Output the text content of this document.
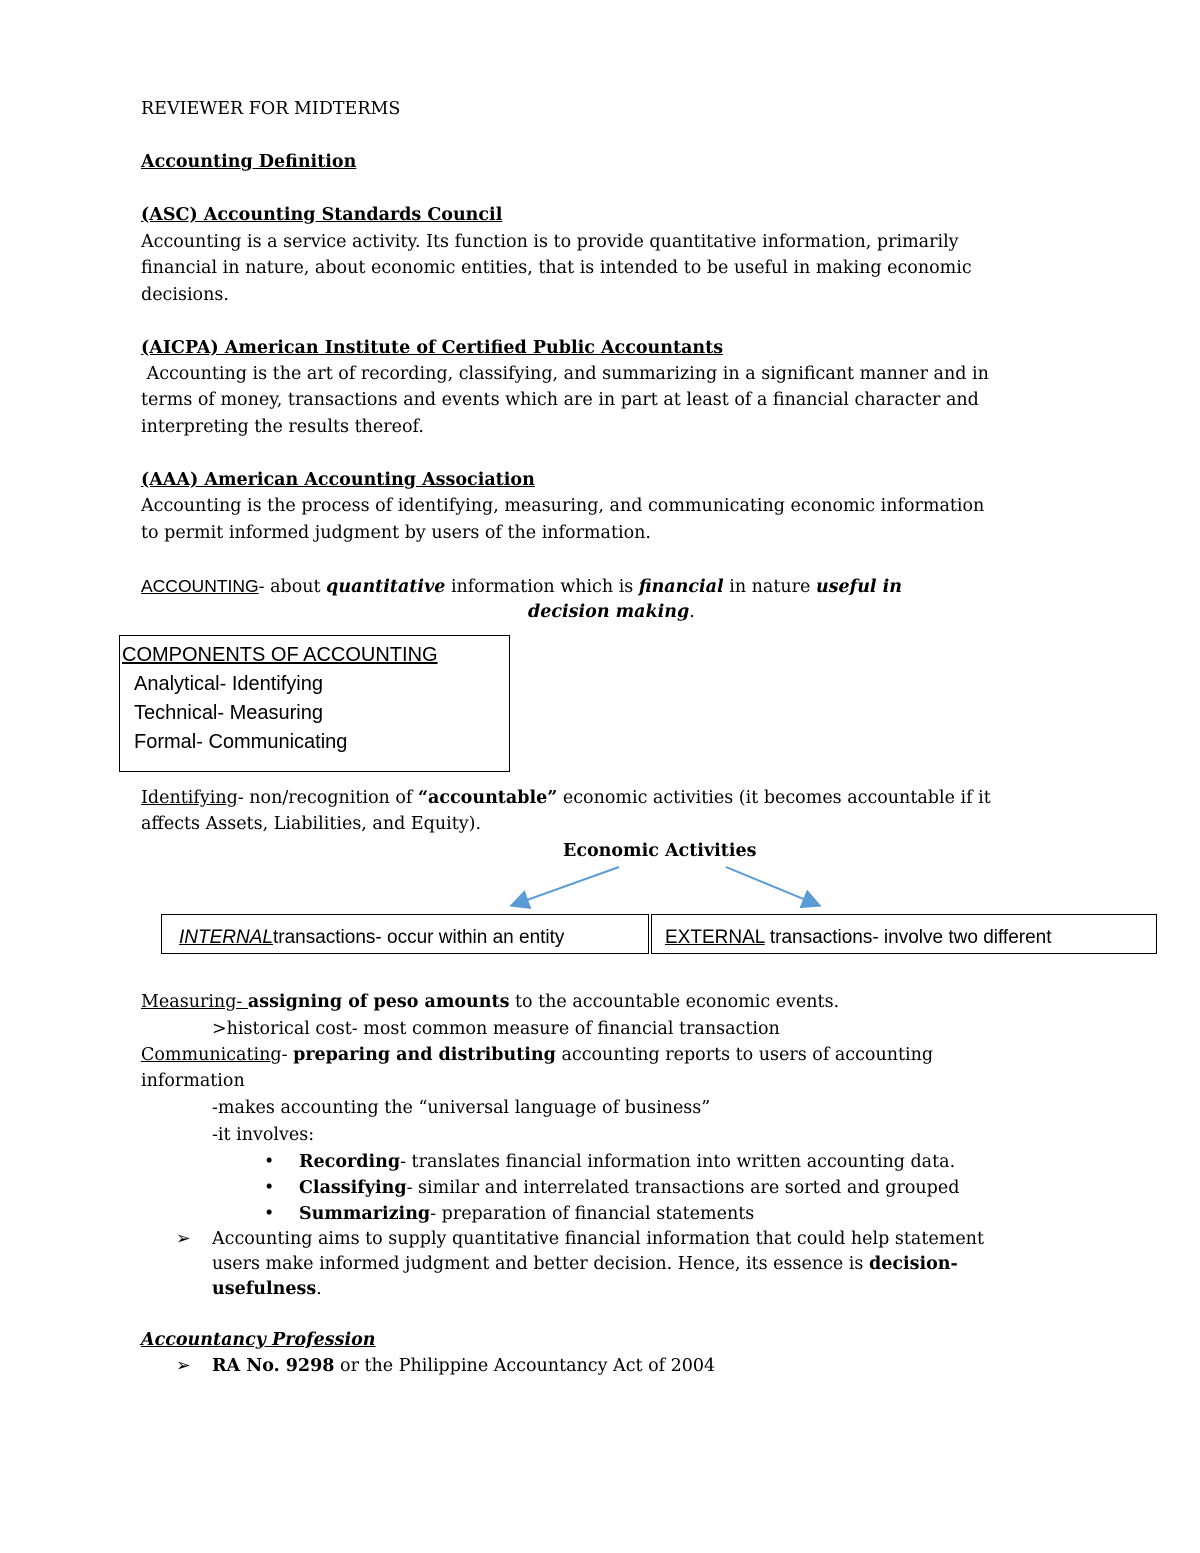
REVIEWER FOR MIDTERMS
Accounting Definition
(ASC) Accounting Standards Council
Accounting is a service activity. Its function is to provide quantitative information, primarily
financial in nature, about economic entities, that is intended to be useful in making economic
decisions.
(AICPA) American Institute of Certified Public Accountants
Accounting is the art of recording, classifying, and summarizing in a significant manner and in
terms of money, transactions and events which are in part at least of a financial character and
interpreting the results thereof.
(AAA) American Accounting Association
Accounting is the process of identifying, measuring, and communicating economic information
to permit informed judgment by users of the information.
ACCOUNTING- about quantitative information which is financial in nature useful in
decision making.
COMPONENTS OF ACCOUNTING
Analytical- Identifying
Technical- Measuring
Formal- Communicating
Identifying- non/recognition of “accountable” economic activities (it becomes accountable if it
affects Assets, Liabilities, and Equity).
Economic Activities
INTERNALtransactions- occur within an entity	EXTERNAL transactions- involve two different
Measuring- assigning of peso amounts to the accountable economic events.
>historical cost- most common measure of financial transaction
Communicating- preparing and distributing accounting reports to users of accounting
information
-makes accounting the “universal language of business”
-it involves:
• Recording- translates financial information into written accounting data.
• Classifying- similar and interrelated transactions are sorted and grouped
• Summarizing- preparation of financial statements
➢ Accounting aims to supply quantitative financial information that could help statement
users make informed judgment and better decision. Hence, its essence is decision-
usefulness.
Accountancy Profession
➢ RA No. 9298 or the Philippine Accountancy Act of 2004
